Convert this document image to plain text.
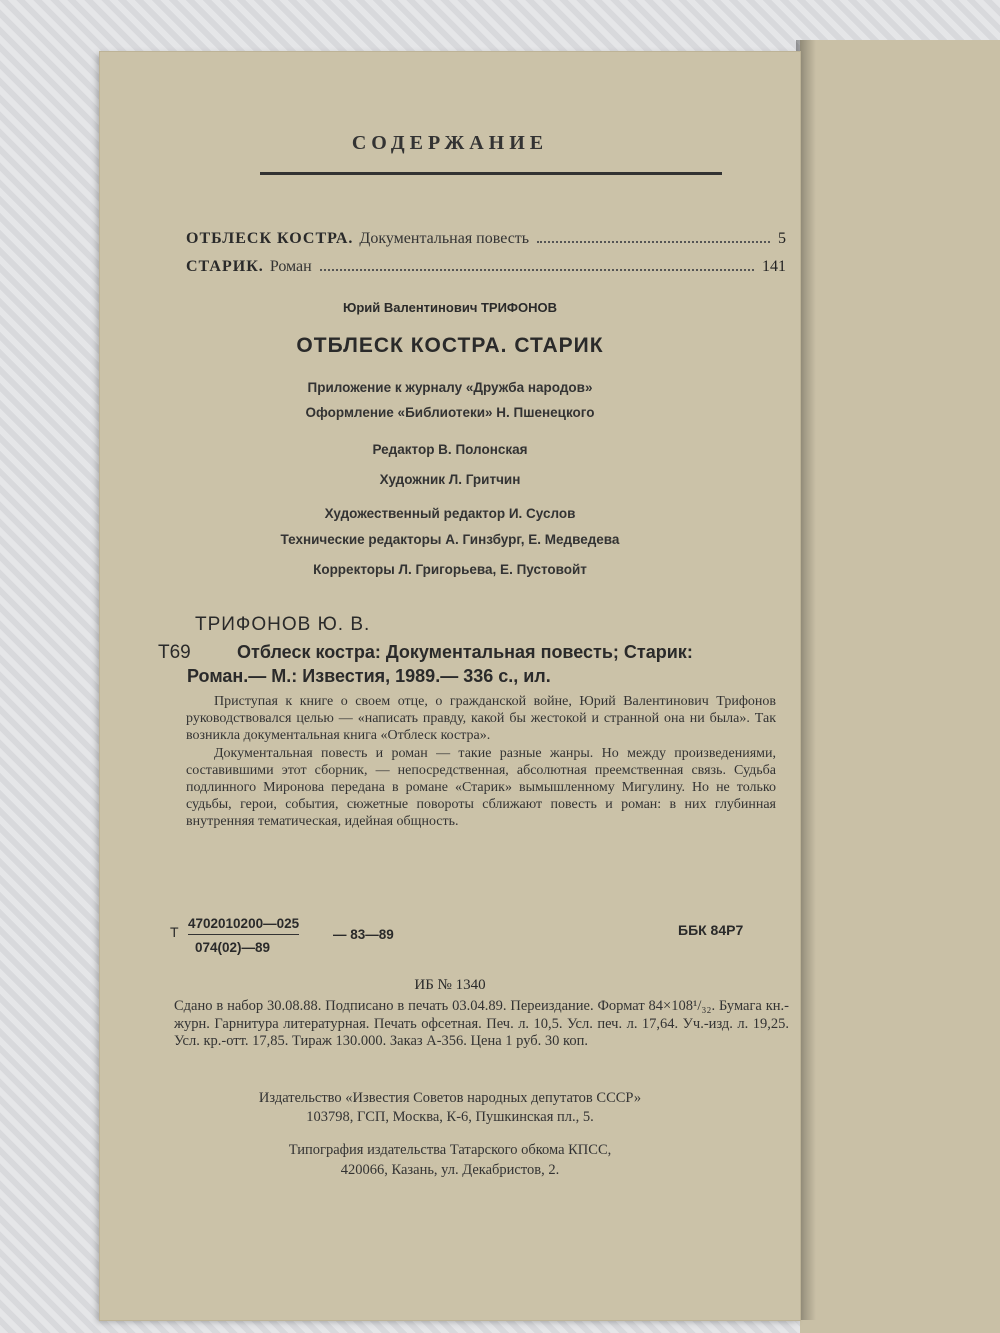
СОДЕРЖАНИЕ
ОТБЛЕСК КОСТРА. Документальная повесть	5
СТАРИК. Роман	141
Юрий Валентинович ТРИФОНОВ
ОТБЛЕСК КОСТРА. СТАРИК
Приложение к журналу «Дружба народов»
Оформление «Библиотеки» Н. Пшенецкого
Редактор В. Полонская
Художник Л. Гритчин
Художественный редактор И. Суслов
Технические редакторы А. Гинзбург, Е. Медведева
Корректоры Л. Григорьева, Е. Пустовойт
ТРИФОНОВ Ю. В.
Т69	Отблеск костра: Документальная повесть; Старик:
Роман.— М.: Известия, 1989.— 336 с., ил.

Приступая к книге о своем отце, о гражданской войне, Юрий Валентинович Трифонов руководствовался целью — «написать правду, какой бы жестокой и странной она ни была». Так возникла документальная книга «Отблеск костра».

Документальная повесть и роман — такие разные жанры. Но между произведениями, составившими этот сборник, — непосредственная, абсолютная преемственная связь. Судьба подлинного Миронова передана в романе «Старик» вымышленному Мигулину. Но не только судьбы, герои, события, сюжетные повороты сближают повесть и роман: в них глубинная внутренняя тематическая, идейная общность.

Т
4702010200—025
074(02)—89
— 83—89	ББК 84Р7
ИБ № 1340
Сдано в набор 30.08.88. Подписано в печать 03.04.89. Переиздание. Формат 84×108¹/₃₂. Бумага кн.-журн. Гарнитура литературная. Печать офсетная. Печ. л. 10,5. Усл. печ. л. 17,64. Уч.-изд. л. 19,25. Усл. кр.-отт. 17,85. Тираж 130.000. Заказ А-356. Цена 1 руб. 30 коп.
Издательство «Известия Советов народных депутатов СССР»
103798, ГСП, Москва, К-6, Пушкинская пл., 5.
Типография издательства Татарского обкома КПСС,
420066, Казань, ул. Декабристов, 2.
